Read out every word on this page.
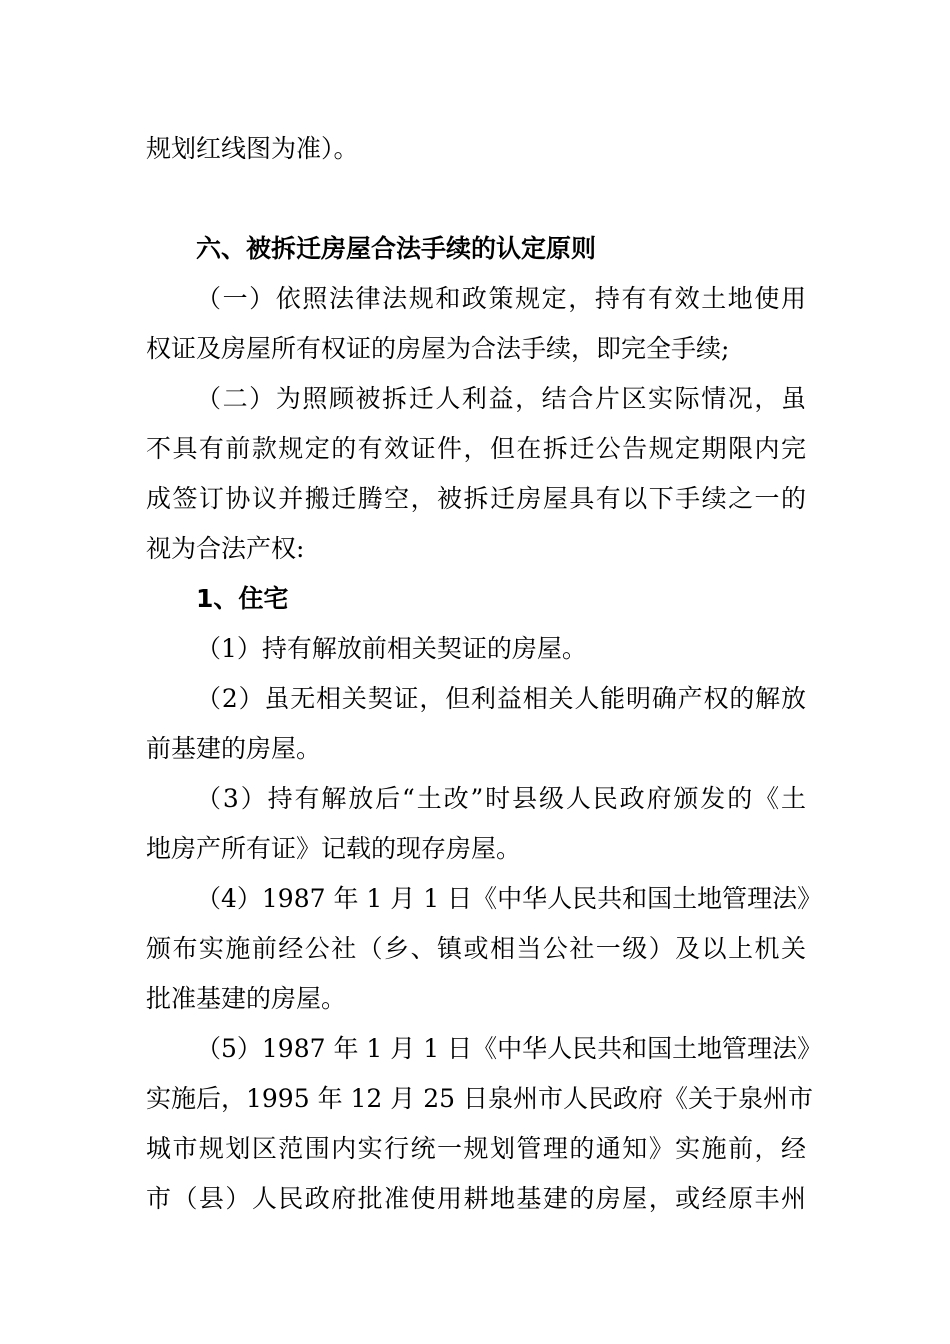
规划红线图为准）。
六、被拆迁房屋合法手续的认定原则
（一）依照法律法规和政策规定，持有有效土地使用
权证及房屋所有权证的房屋为合法手续，即完全手续;
（二）为照顾被拆迁人利益，结合片区实际情况，虽
不具有前款规定的有效证件，但在拆迁公告规定期限内完
成签订协议并搬迁腾空，被拆迁房屋具有以下手续之一的
视为合法产权:
1、住宅
（1）持有解放前相关契证的房屋。
（2）虽无相关契证，但利益相关人能明确产权的解放
前基建的房屋。
（3）持有解放后“土改”时县级人民政府颁发的《土
地房产所有证》记载的现存房屋。
（4）1987 年 1 月 1 日《中华人民共和国土地管理法》
颁布实施前经公社（乡、镇或相当公社一级）及以上机关
批准基建的房屋。
（5）1987 年 1 月 1 日《中华人民共和国土地管理法》
实施后，1995 年 12 月 25 日泉州市人民政府《关于泉州市
城市规划区范围内实行统一规划管理的通知》实施前，经
市（县）人民政府批准使用耕地基建的房屋，或经原丰州
